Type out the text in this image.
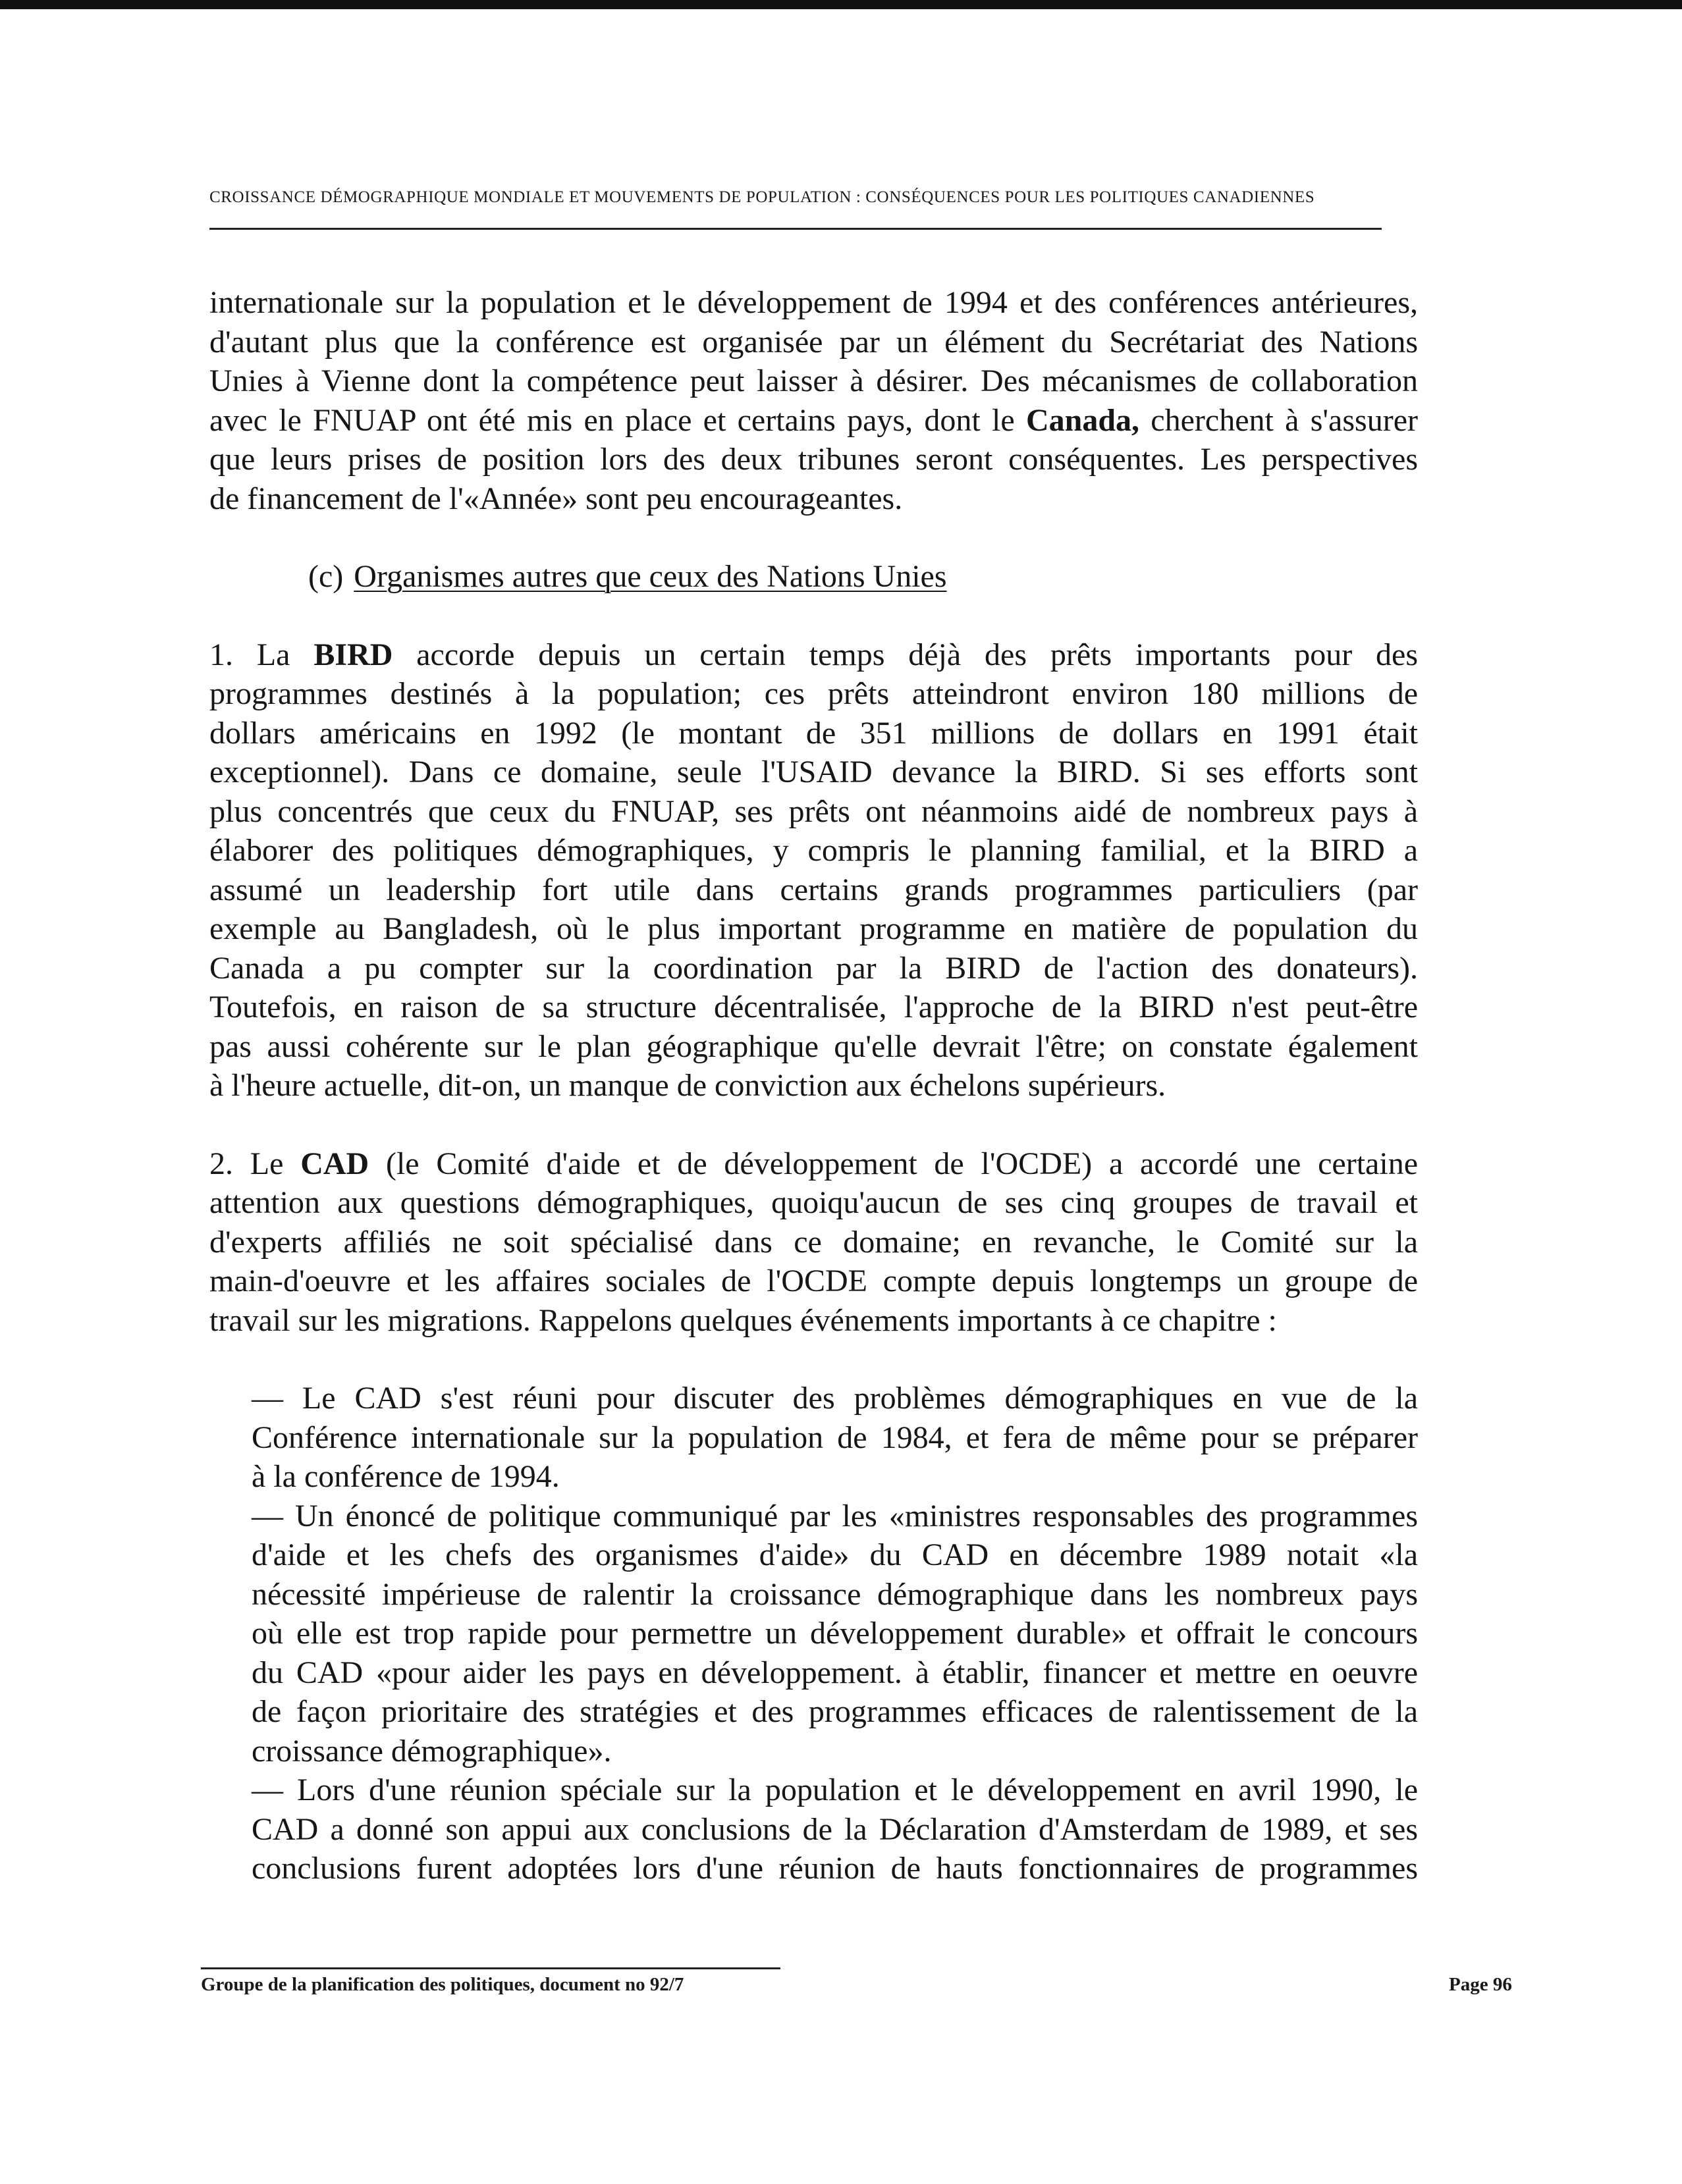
CROISSANCE DÉMOGRAPHIQUE MONDIALE ET MOUVEMENTS DE POPULATION : CONSÉQUENCES POUR LES POLITIQUES CANADIENNES

internationale sur la population et le développement de 1994 et des conférences antérieures,
d'autant plus que la conférence est organisée par un élément du Secrétariat des Nations
Unies à Vienne dont la compétence peut laisser à désirer. Des mécanismes de collaboration
avec le FNUAP ont été mis en place et certains pays, dont le Canada, cherchent à s'assurer
que leurs prises de position lors des deux tribunes seront conséquentes. Les perspectives
de financement de l'«Année» sont peu encourageantes.

(c) Organismes autres que ceux des Nations Unies

1. La BIRD accorde depuis un certain temps déjà des prêts importants pour des
programmes destinés à la population; ces prêts atteindront environ 180 millions de
dollars américains en 1992 (le montant de 351 millions de dollars en 1991 était
exceptionnel). Dans ce domaine, seule l'USAID devance la BIRD. Si ses efforts sont
plus concentrés que ceux du FNUAP, ses prêts ont néanmoins aidé de nombreux pays à
élaborer des politiques démographiques, y compris le planning familial, et la BIRD a
assumé un leadership fort utile dans certains grands programmes particuliers (par
exemple au Bangladesh, où le plus important programme en matière de population du
Canada a pu compter sur la coordination par la BIRD de l'action des donateurs).
Toutefois, en raison de sa structure décentralisée, l'approche de la BIRD n'est peut-être
pas aussi cohérente sur le plan géographique qu'elle devrait l'être; on constate également
à l'heure actuelle, dit-on, un manque de conviction aux échelons supérieurs.

2. Le CAD (le Comité d'aide et de développement de l'OCDE) a accordé une certaine
attention aux questions démographiques, quoiqu'aucun de ses cinq groupes de travail et
d'experts affiliés ne soit spécialisé dans ce domaine; en revanche, le Comité sur la
main-d'oeuvre et les affaires sociales de l'OCDE compte depuis longtemps un groupe de
travail sur les migrations. Rappelons quelques événements importants à ce chapitre :

— Le CAD s'est réuni pour discuter des problèmes démographiques en vue de la
Conférence internationale sur la population de 1984, et fera de même pour se préparer
à la conférence de 1994.

— Un énoncé de politique communiqué par les «ministres responsables des programmes
d'aide et les chefs des organismes d'aide» du CAD en décembre 1989 notait «la
nécessité impérieuse de ralentir la croissance démographique dans les nombreux pays
où elle est trop rapide pour permettre un développement durable» et offrait le concours
du CAD «pour aider les pays en développement. à établir, financer et mettre en oeuvre
de façon prioritaire des stratégies et des programmes efficaces de ralentissement de la
croissance démographique».

— Lors d'une réunion spéciale sur la population et le développement en avril 1990, le
CAD a donné son appui aux conclusions de la Déclaration d'Amsterdam de 1989, et ses
conclusions furent adoptées lors d'une réunion de hauts fonctionnaires de programmes

Groupe de la planification des politiques, document no 92/7	Page 96
